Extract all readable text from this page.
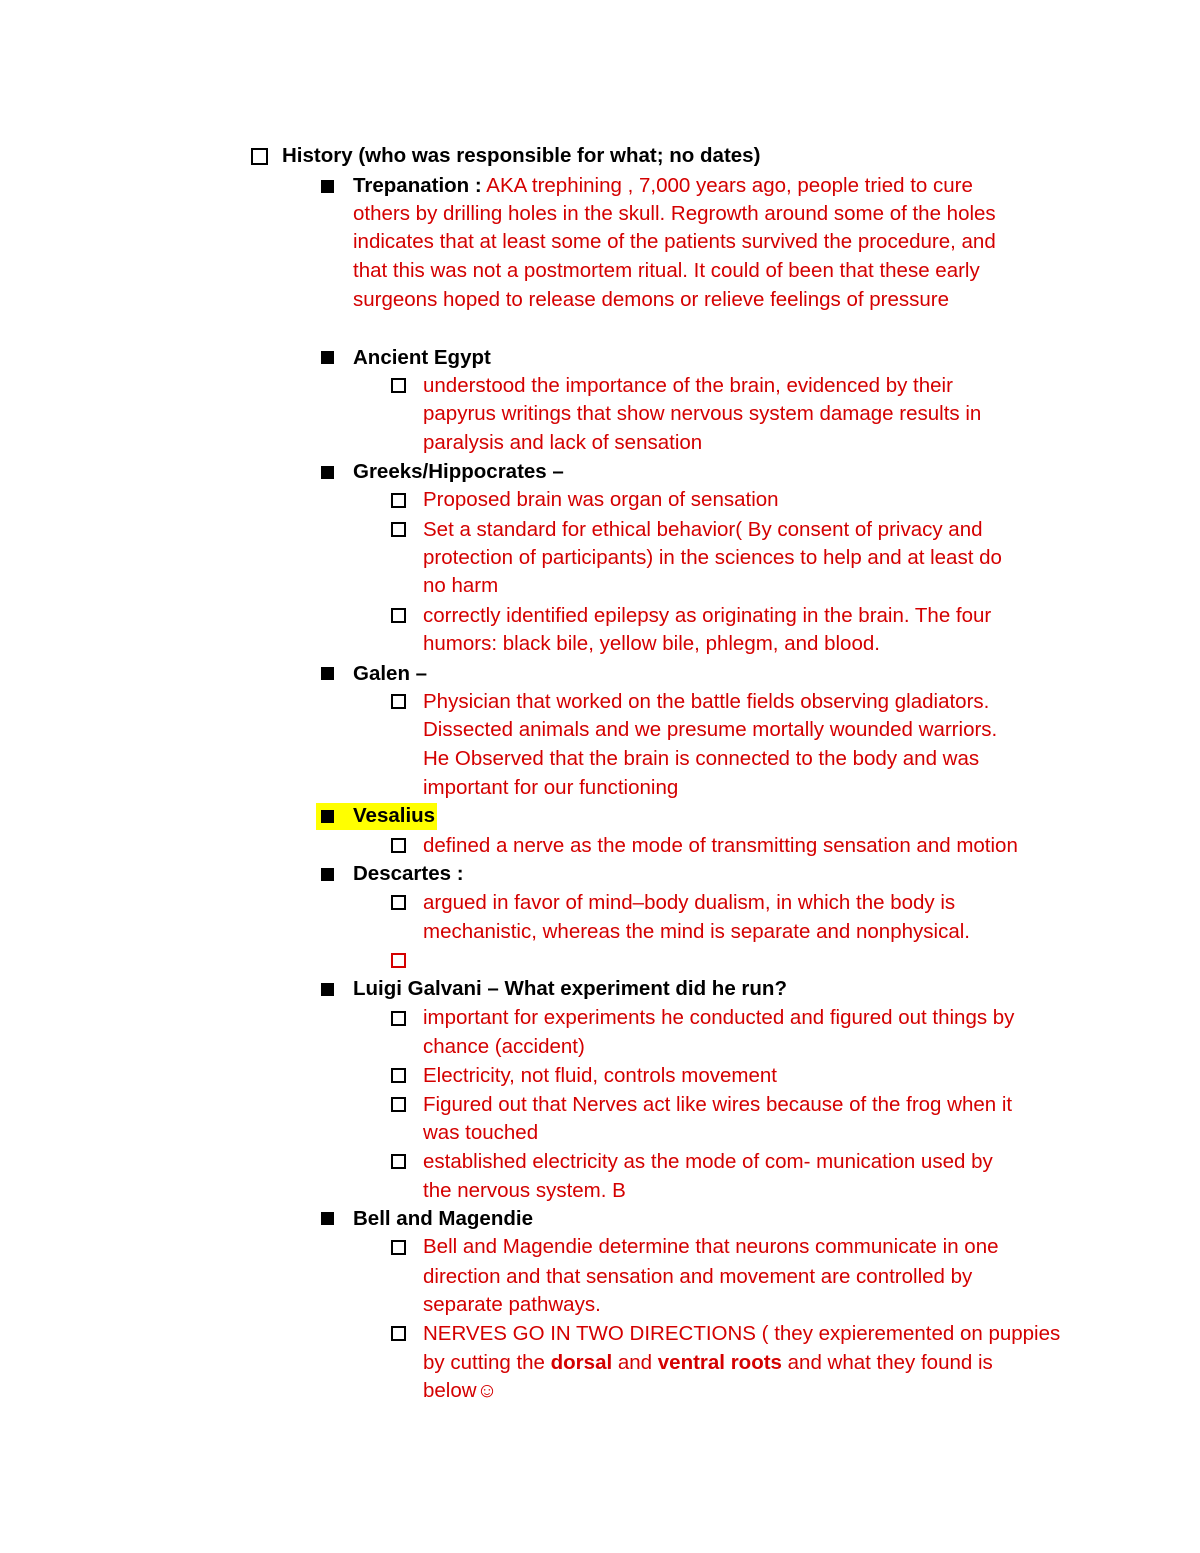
History (who was responsible for what; no dates)
Trepanation : AKA trephining , 7,000 years ago, people tried to cure
others by drilling holes in the skull. Regrowth around some of the holes
indicates that at least some of the patients survived the procedure, and
that this was not a postmortem ritual. It could of been that these early
surgeons hoped to release demons or relieve feelings of pressure
Ancient Egypt
understood the importance of the brain, evidenced by their
papyrus writings that show nervous system damage results in
paralysis and lack of sensation
Greeks/Hippocrates –
Proposed brain was organ of sensation
Set a standard for ethical behavior( By consent of privacy and
protection of participants) in the sciences to help and at least do
no harm
correctly identified epilepsy as originating in the brain. The four
humors: black bile, yellow bile, phlegm, and blood.
Galen –
Physician that worked on the battle fields observing gladiators.
Dissected animals and we presume mortally wounded warriors.
He Observed that the brain is connected to the body and was
important for our functioning
Vesalius
defined a nerve as the mode of transmitting sensation and motion
Descartes :
argued in favor of mind–body dualism, in which the body is
mechanistic, whereas the mind is separate and nonphysical.
Luigi Galvani – What experiment did he run?
important for experiments he conducted and figured out things by
chance (accident)
Electricity, not fluid, controls movement
Figured out that Nerves act like wires because of the frog when it
was touched
established electricity as the mode of com- munication used by
the nervous system. B
Bell and Magendie
Bell and Magendie determine that neurons communicate in one
direction and that sensation and movement are controlled by
separate pathways.
NERVES GO IN TWO DIRECTIONS ( they expieremented on puppies
by cutting the dorsal and ventral roots and what they found is
below☺
